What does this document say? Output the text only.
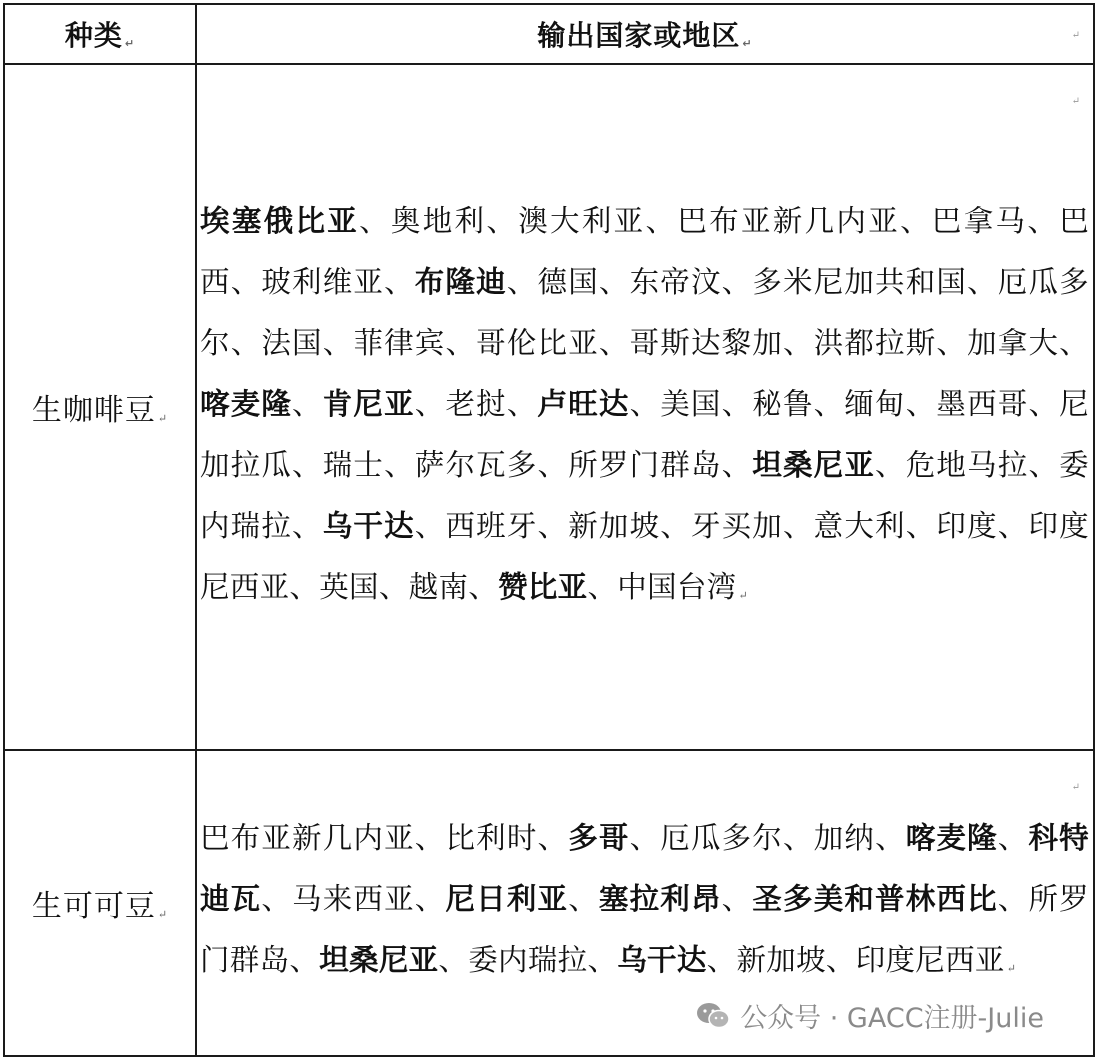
种类 ↵	输出国家或地区 ↵
生咖啡豆 ↵	埃塞俄比亚、奥地利、澳大利亚、巴布亚新几内亚、巴拿马、巴西、玻利维亚、布隆迪、德国、东帝汶、多米尼加共和国、厄瓜多尔、法国、菲律宾、哥伦比亚、哥斯达黎加、洪都拉斯、加拿大、喀麦隆、肯尼亚、老挝、卢旺达、美国、秘鲁、缅甸、墨西哥、尼加拉瓜、瑞士、萨尔瓦多、所罗门群岛、坦桑尼亚、危地马拉、委内瑞拉、乌干达、西班牙、新加坡、牙买加、意大利、印度、印度尼西亚、英国、越南、赞比亚、中国台湾 ↵

生可可豆 ↵	巴布亚新几内亚、比利时、多哥、厄瓜多尔、加纳、喀麦隆、科特迪瓦、马来西亚、尼日利亚、塞拉利昂、圣多美和普林西比、所罗门群岛、坦桑尼亚、委内瑞拉、乌干达、新加坡、印度尼西亚 ↵
↵
↵
↵
公众号 · GACC注册-Julie
